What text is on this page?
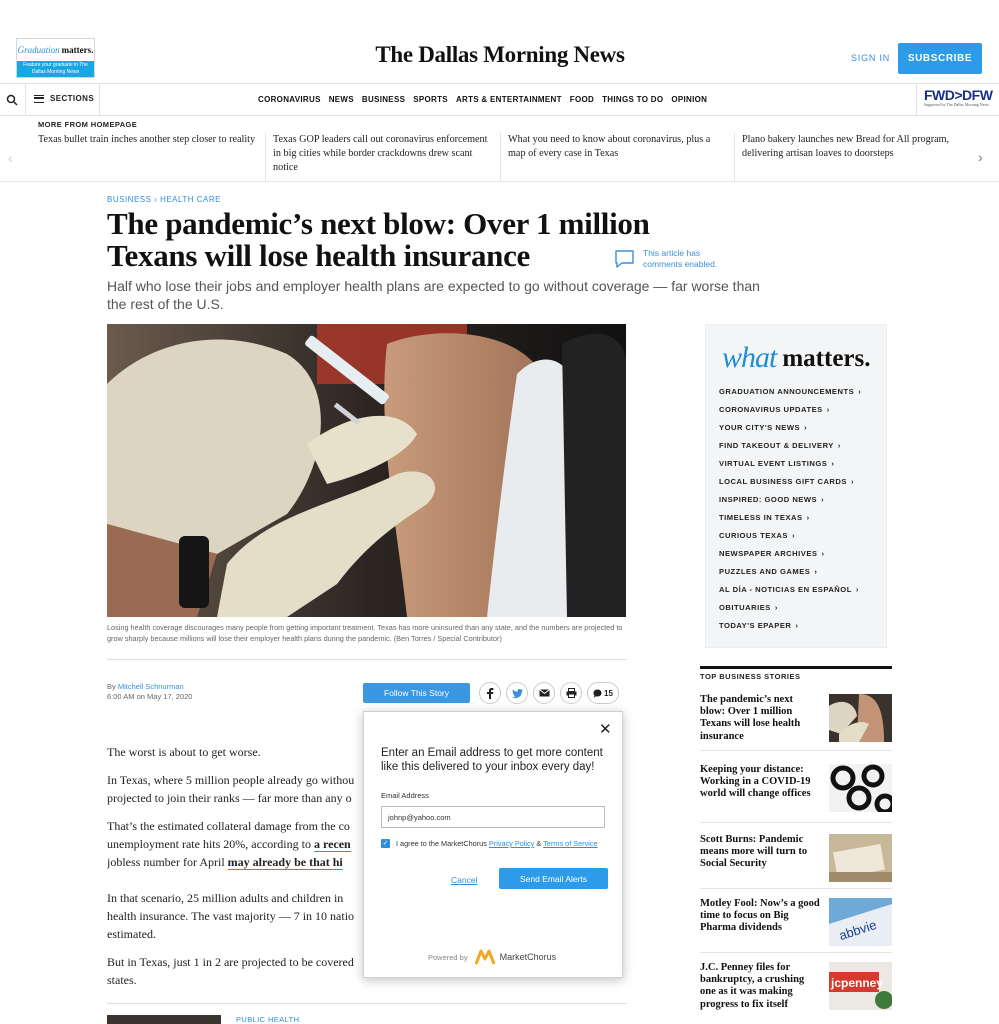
Graduation matters.
Feature your graduate in The Dallas Morning News
The Dallas Morning News	SIGN IN	SUBSCRIBE
SECTIONS	CORONAVIRUS NEWS BUSINESS SPORTS ARTS & ENTERTAINMENT FOOD THINGS TO DO OPINION	FWD>DFW
Supported by The Dallas Morning News
MORE FROM HOMEPAGE
‹
Texas bullet train inches another step closer to reality	Texas GOP leaders call out coronavirus enforcement in big cities while border crackdowns drew scant notice
What you need to know about coronavirus, plus a map of every case in Texas
Plano bakery launches new Bread for All program, delivering artisan loaves to doorsteps	›
BUSINESS › HEALTH CARE
The pandemic’s next blow: Over 1 million Texans will lose health insurance	This article has comments enabled.
Half who lose their jobs and employer health plans are expected to go without coverage — far worse than the rest of the U.S.
Losing health coverage discourages many people from getting important treatment. Texas has more uninsured than any state, and the numbers are projected to grow sharply because millions will lose their employer health plans during the pandemic. (Ben Torres / Special Contributor)
By Mitchell Schnurman
6:00 AM on May 17, 2020	Follow This Story	15
The worst is about to get worse.
In Texas, where 5 million people already go withou
projected to join their ranks — far more than any o
That’s the estimated collateral damage from the co
unemployment rate hits 20%, according to a recen
jobless number for April may already be that hi
In that scenario, 25 million adults and children in
health insurance. The vast majority — 7 in 10 natio
estimated.
But in Texas, just 1 in 2 are projected to be covered
states.
PUBLIC HEALTH
what matters.
GRADUATION ANNOUNCEMENTS ›
CORONAVIRUS UPDATES ›
YOUR CITY'S NEWS ›
FIND TAKEOUT & DELIVERY ›
VIRTUAL EVENT LISTINGS ›
LOCAL BUSINESS GIFT CARDS ›
INSPIRED: GOOD NEWS ›
TIMELESS IN TEXAS ›
CURIOUS TEXAS ›
NEWSPAPER ARCHIVES ›
PUZZLES AND GAMES ›
AL DÍA - NOTICIAS EN ESPAÑOL ›
OBITUARIES ›
TODAY'S EPAPER ›
TOP BUSINESS STORIES
The pandemic’s next blow: Over 1 million Texans will lose health insurance
Keeping your distance: Working in a COVID-19 world will change offices
Scott Burns: Pandemic means more will turn to Social Security
Motley Fool: Now’s a good time to focus on Big Pharma dividends	abbvie
J.C. Penney files for bankruptcy, a crushing one as it was making progress to fix itself
jcpenney
✕
Enter an Email address to get more content like this delivered to your inbox every day!
Email Address
johnp@yahoo.com
✓ I agree to the MarketChorus
Privacy Policy
&
Terms of Service
Cancel	Send Email Alerts
Powered by	MarketChorus
